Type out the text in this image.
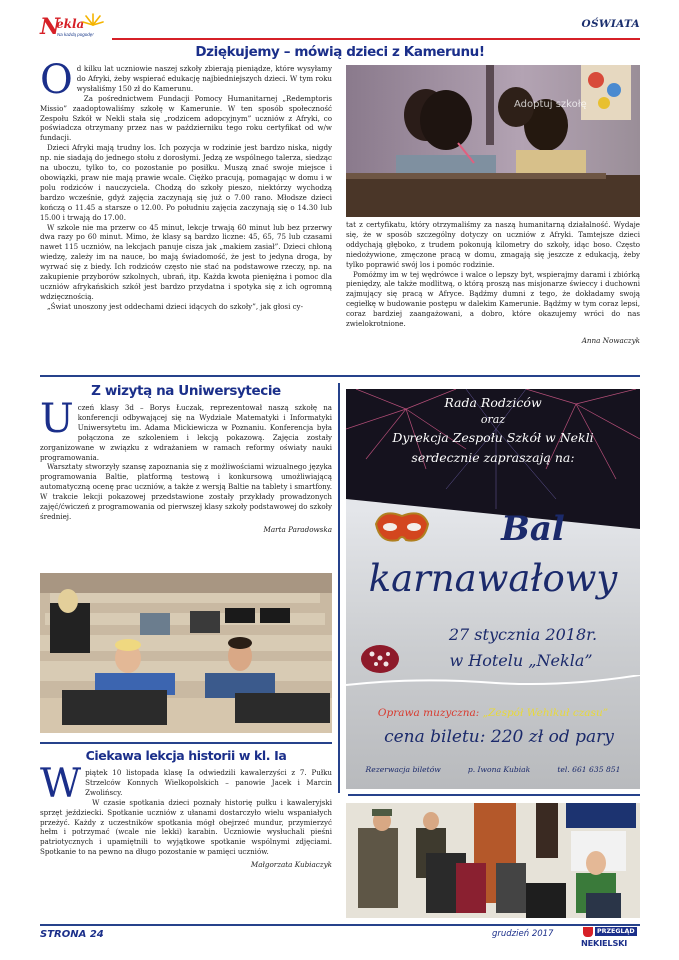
N
ekla
Na każdą pogodę!
OŚWIATA
Dziękujemy – mówią dzieci z Kamerunu!
O d kilku lat uczniowie naszej szkoły zbierają pieniądze, które wysyłamy do Afryki, żeby wspierać edukację najbiedniejszych dzieci. W tym roku wysłaliśmy 150 zł do Kamerunu.

Za pośrednictwem Fundacji Pomocy Humanitarnej „Redemptoris Missio” zaadoptowaliśmy szkołę w Kamerunie. W ten sposób społeczność Zespołu Szkół w Nekli stała się „rodzicem adopcyjnym” uczniów z Afryki, co poświadcza otrzymany przez nas w październiku tego roku certyfikat od w/w fundacji.

Dzieci Afryki mają trudny los. Ich pozycja w rodzinie jest bardzo niska, nigdy np. nie siadają do jednego stołu z dorosłymi. Jedzą ze wspólnego talerza, siedząc na uboczu, tylko to, co pozostanie po posiłku. Muszą znać swoje miejsce i obowiązki, praw nie mają prawie wcale. Ciężko pracują, pomagając w domu i w polu rodziców i nauczyciela. Chodzą do szkoły pieszo, niektórzy wychodzą bardzo wcześnie, gdyż zajęcia zaczynają się już o 7.00 rano. Młodsze dzieci kończą o 11.45 a starsze o 12.00. Po południu zajęcia zaczynają się o 14.30 lub 15.00 i trwają do 17.00.

W szkole nie ma przerw co 45 minut, lekcje trwają 60 minut lub bez przerwy dwa razy po 60 minut. Mimo, że klasy są bardzo liczne: 45, 65, 75 lub czasami nawet 115 uczniów, na lekcjach panuje cisza jak „makiem zasiał”. Dzieci chłoną wiedzę, zależy im na nauce, bo mają świadomość, że jest to jedyna droga, by wyrwać się z biedy. Ich rodziców często nie stać na podstawowe rzeczy, np. na zakupienie przyborów szkolnych, ubrań, itp. Każda kwota pieniężna i pomoc dla uczniów afrykańskich szkół jest bardzo przydatna i spotyka się z ich ogromną wdzięcznością.

„Świat unoszony jest oddechami dzieci idących do szkoły”, jak głosi cy-

Adoptuj szkołę

tat z certyfikatu, który otrzymaliśmy za naszą humanitarną działalność. Wydaje się, że w sposób szczególny dotyczy on uczniów z Afryki. Tamtejsze dzieci oddychają głęboko, z trudem pokonują kilometry do szkoły, idąc boso. Często niedożywione, zmęczone pracą w domu, zmagają się jeszcze z edukacją, żeby tylko poprawić swój los i pomóc rodzinie.

Pomóżmy im w tej wędrówce i walce o lepszy byt, wspierajmy darami i zbiórką pieniędzy, ale także modlitwą, o którą proszą nas misjonarze świeccy i duchowni zajmujący się pracą w Afryce. Bądźmy dumni z tego, że dokładamy swoją cegiełkę w budowanie postępu w dalekim Kamerunie. Bądźmy w tym coraz lepsi, coraz bardziej zaangażowani, a dobro, które okazujemy wróci do nas zwielokrotnione.

Anna Nowaczyk
Z wizytą na Uniwersytecie
U czeń klasy 3d – Borys Łuczak, reprezentował naszą szkołę na konferencji odbywającej się na Wydziale Matematyki i Informatyki Uniwersytetu im. Adama Mickiewicza w Poznaniu. Konferencja była połączona ze szkoleniem i lekcją pokazową. Zajęcia zostały zorganizowane w związku z wdrażaniem w ramach reformy oświaty nauki programowania.

Warsztaty stworzyły szansę zapoznania się z możliwościami wizualnego języka programowania Baltie, platformą testową i konkursową umożliwiającą automatyczną ocenę prac uczniów, a także z wersją Baltie na tablety i smartfony. W trakcie lekcji pokazowej przedstawione zostały przykłady prowadzonych zajęć/ćwiczeń z programowania od pierwszej klasy szkoły podstawowej do szkoły średniej.

Marta Paradowska
Ciekawa lekcja historii w kl. Ia
W piątek 10 listopada klasę Ia odwiedzili kawalerzyści z 7. Pułku Strzelców Konnych Wielkopolskich – panowie Jacek i Marcin Zwolińscy.

W czasie spotkania dzieci poznały historię pułku i kawaleryjski sprzęt jeździecki. Spotkanie uczniów z ułanami dostarczyło wielu wspaniałych przeżyć. Każdy z uczestników spotkania mógł obejrzeć mundur, przymierzyć hełm i potrzymać (wcale nie lekki) karabin. Uczniowie wysłuchali pieśni patriotycznych i upamiętnili to wyjątkowe spotkanie wspólnymi zdjęciami. Spotkanie to na pewno na długo pozostanie w pamięci uczniów.

Małgorzata Kubiaczyk
Rada Rodziców
oraz
Dyrekcja Zespołu Szkół w Nekli
serdecznie zapraszają na:
Bal
karnawałowy
27 stycznia 2018r.
w Hotelu „Nekla”
Oprawa muzyczna: „Zespół Wehikuł czasu”
cena biletu: 220 zł od pary
Rezerwacja biletów	p. Iwona Kubiak	tel. 661 635 851
STRONA 24	grudzień 2017	PRZEGLĄD
NEKIELSKI
